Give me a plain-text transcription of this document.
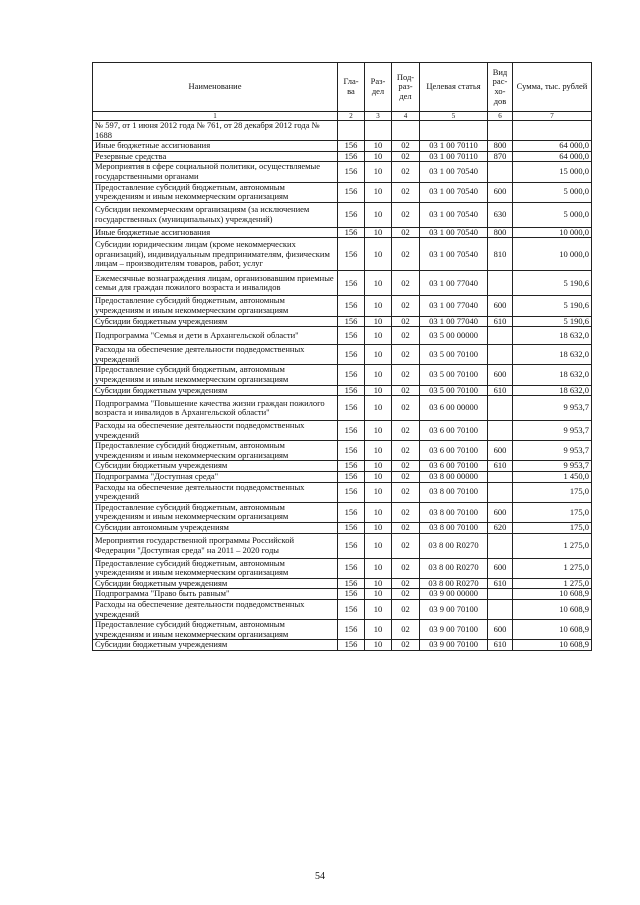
Наименование	Гла-ва	Раз-дел	Под-раз-дел	Целевая статья	Вид рас-хо-дов	Сумма, тыс. рублей
1	2	3	4	5	6	7
№ 597, от 1 июня 2012 года № 761, от 28 декабря 2012 года № 1688						
Иные бюджетные ассигнования	156	10	02	03 1 00 70110	800	64 000,0
Резервные средства	156	10	02	03 1 00 70110	870	64 000,0
Мероприятия в сфере социальной политики, осуществляемые государственными органами	156	10	02	03 1 00 70540		15 000,0
Предоставление субсидий бюджетным, автономным учреждениям и иным некоммерческим организациям	156	10	02	03 1 00 70540	600	5 000,0
Субсидии некоммерческим организациям (за исключением государственных (муниципальных) учреждений)	156	10	02	03 1 00 70540	630	5 000,0
Иные бюджетные ассигнования	156	10	02	03 1 00 70540	800	10 000,0
Субсидии юридическим лицам (кроме некоммерческих организаций), индивидуальным предпринимателям, физическим лицам – производителям товаров, работ, услуг	156	10	02	03 1 00 70540	810	10 000,0
Ежемесячные вознаграждения лицам, организовавшим приемные семьи для граждан пожилого возраста и инвалидов	156	10	02	03 1 00 77040		5 190,6
Предоставление субсидий бюджетным, автономным учреждениям и иным некоммерческим организациям	156	10	02	03 1 00 77040	600	5 190,6
Субсидии бюджетным учреждениям	156	10	02	03 1 00 77040	610	5 190,6
Подпрограмма "Семья и дети в Архангельской области"	156	10	02	03 5 00 00000		18 632,0
Расходы на обеспечение деятельности подведомственных учреждений	156	10	02	03 5 00 70100		18 632,0
Предоставление субсидий бюджетным, автономным учреждениям и иным некоммерческим организациям	156	10	02	03 5 00 70100	600	18 632,0
Субсидии бюджетным учреждениям	156	10	02	03 5 00 70100	610	18 632,0
Подпрограмма "Повышение качества жизни граждан пожилого возраста и инвалидов в Архангельской области"	156	10	02	03 6 00 00000		9 953,7
Расходы на обеспечение деятельности подведомственных учреждений	156	10	02	03 6 00 70100		9 953,7
Предоставление субсидий бюджетным, автономным учреждениям и иным некоммерческим организациям	156	10	02	03 6 00 70100	600	9 953,7
Субсидии бюджетным учреждениям	156	10	02	03 6 00 70100	610	9 953,7
Подпрограмма "Доступная среда"	156	10	02	03 8 00 00000		1 450,0
Расходы на обеспечение деятельности подведомственных учреждений	156	10	02	03 8 00 70100		175,0
Предоставление субсидий бюджетным, автономным учреждениям и иным некоммерческим организациям	156	10	02	03 8 00 70100	600	175,0
Субсидии автономным учреждениям	156	10	02	03 8 00 70100	620	175,0
Мероприятия государственной программы Российской Федерации "Доступная среда" на 2011 – 2020 годы	156	10	02	03 8 00 R0270		1 275,0
Предоставление субсидий бюджетным, автономным учреждениям и иным некоммерческим организациям	156	10	02	03 8 00 R0270	600	1 275,0
Субсидии бюджетным учреждениям	156	10	02	03 8 00 R0270	610	1 275,0
Подпрограмма "Право быть равным"	156	10	02	03 9 00 00000		10 608,9
Расходы на обеспечение деятельности подведомственных учреждений	156	10	02	03 9 00 70100		10 608,9
Предоставление субсидий бюджетным, автономным учреждениям и иным некоммерческим организациям	156	10	02	03 9 00 70100	600	10 608,9
Субсидии бюджетным учреждениям	156	10	02	03 9 00 70100	610	10 608,9
54
